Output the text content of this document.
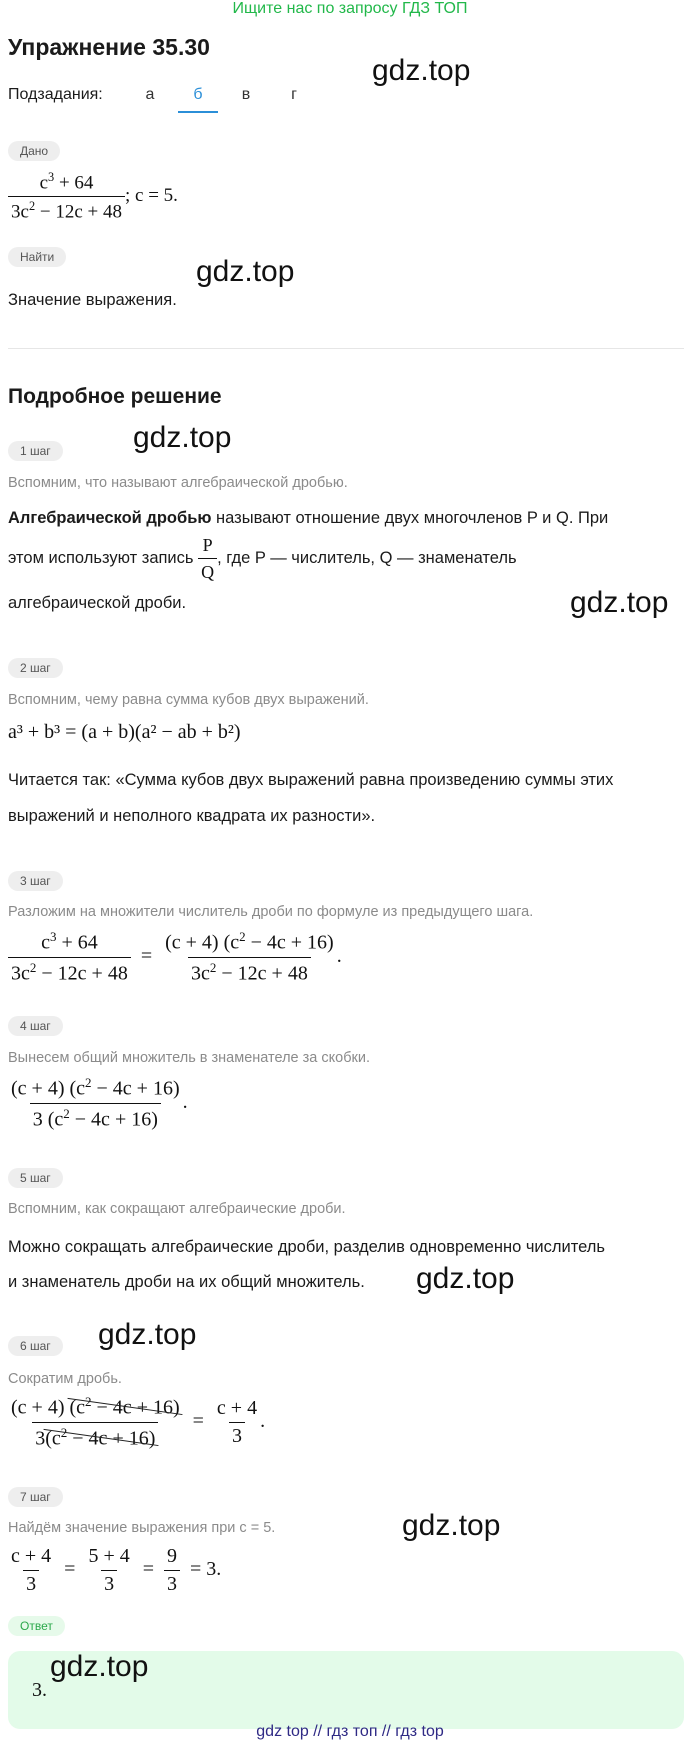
Ищите нас по запросу ГДЗ ТОП
Упражнение 35.30
gdz.top
Подзадания:	а	б	в	г
Дано
$\frac{c^3 + 64}{3c^2 - 12c + 48}$ ; c = 5.
Найти	gdz.top
Значение выражения.
Подробное решение
1 шаг	gdz.top
Вспомним, что называют алгебраической дробью.
Алгебраической дробью называют отношение двух многочленов P и Q. При
этом используют запись $\frac{P}{Q}$ , где P — числитель, Q — знаменатель
алгебраической дроби.	gdz.top
2 шаг
Вспомним, чему равна сумма кубов двух выражений.
a³ + b³ = (a + b)(a² − ab + b²)
Читается так: «Сумма кубов двух выражений равна произведению суммы этих
выражений и неполного квадрата их разности».
3 шаг
Разложим на множители числитель дроби по формуле из предыдущего шага.
$\frac{c^3 + 64}{3c^2 - 12c + 48} = \frac{(c + 4) (c^2 - 4c + 16)}{3c^2 - 12c + 48}$ .
4 шаг
Вынесем общий множитель в знаменателе за скобки.
$\frac{(c + 4) (c^2 - 4c + 16)}{3 (c^2 - 4c + 16)}$ .
5 шаг
Вспомним, как сокращают алгебраические дроби.
Можно сокращать алгебраические дроби, разделив одновременно числитель
и знаменатель дроби на их общий множитель. gdz.top
gdz.top
6 шаг
Сократим дробь.
$\frac{(c + 4) (c^2 - 4c + 16)}{3(c^2 - 4c + 16)} = \frac{c + 4}{3}$ .
7 шаг
gdz.top
Найдём значение выражения при c = 5.
$\frac{c + 4}{3} = \frac{5 + 4}{3} = \frac{9}{3} = 3$.
Ответ
gdz.top
3.
gdz top // гдз топ // гдз top
